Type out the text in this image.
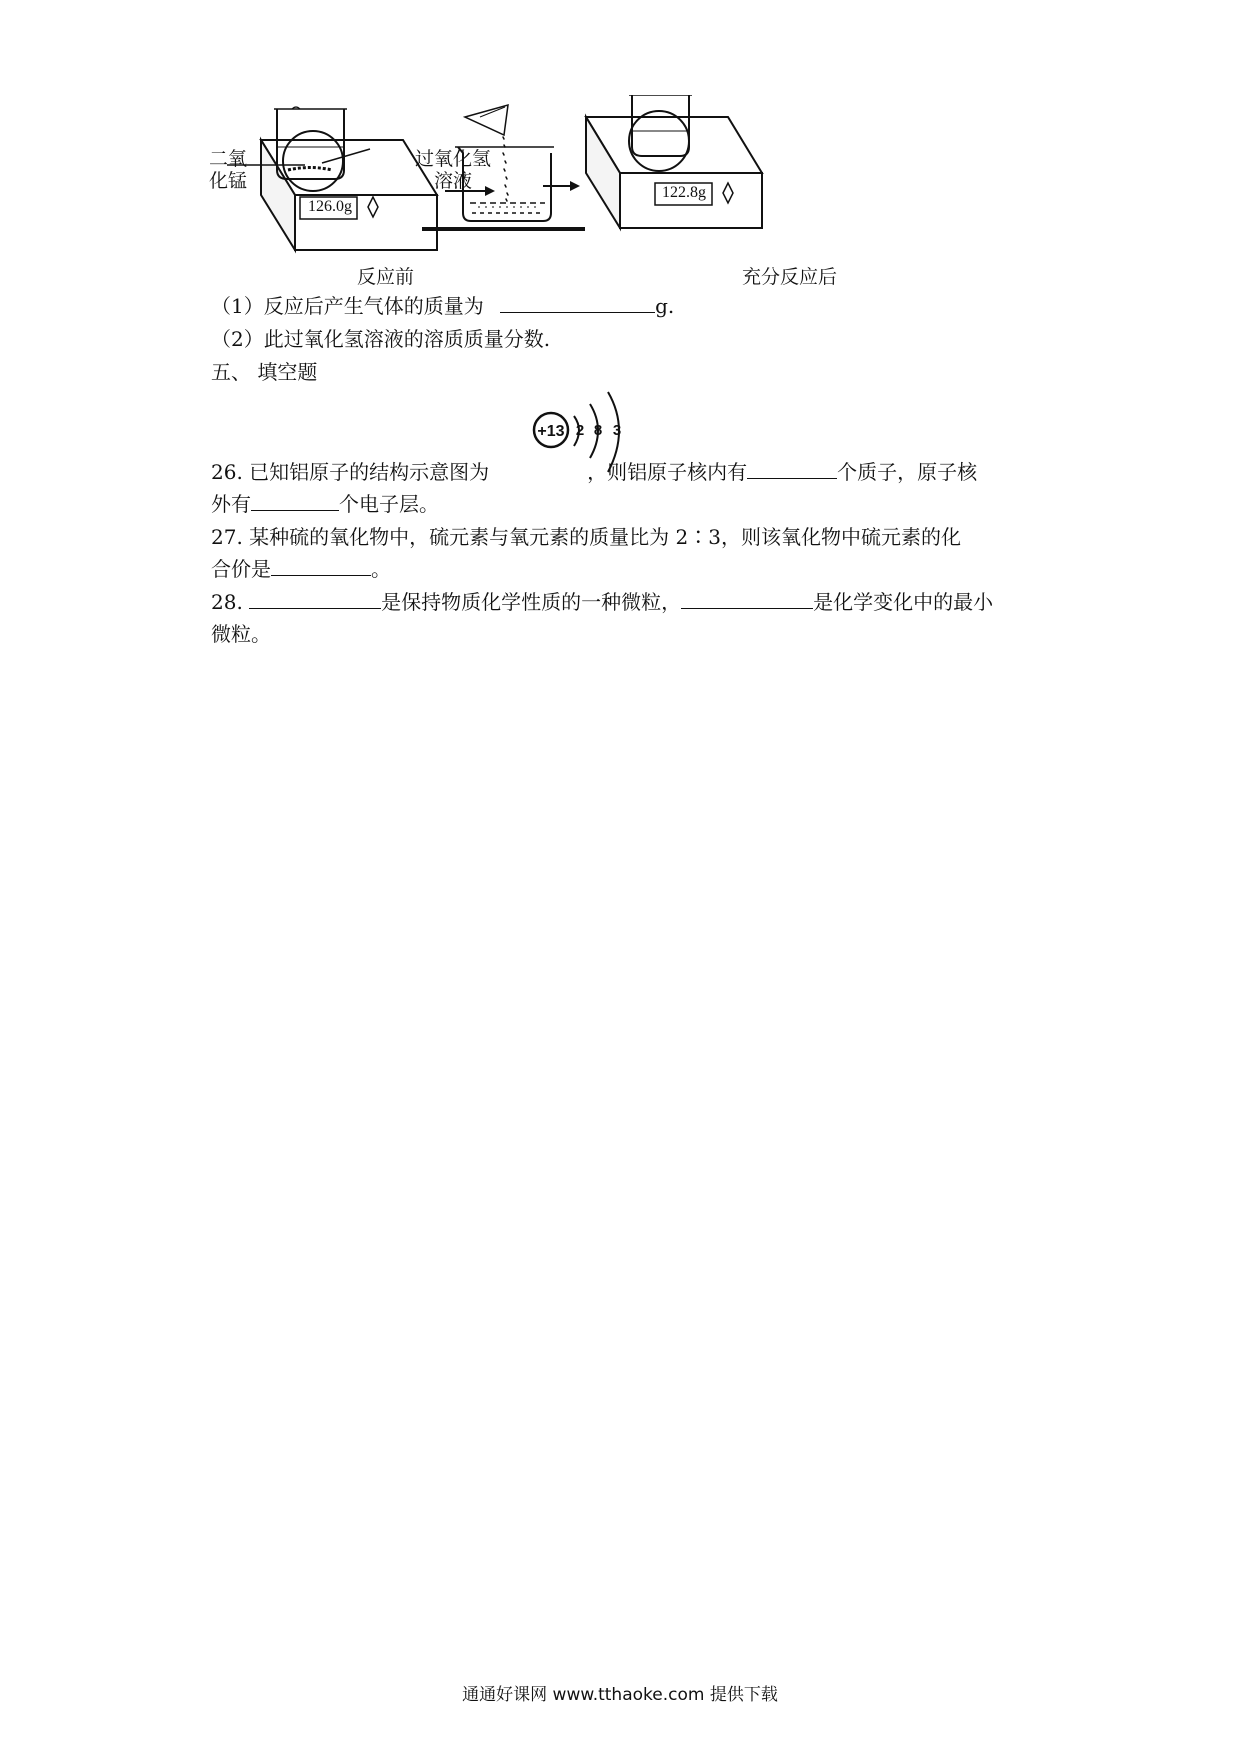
二氧
化锰
过氧化氢
溶液
126.0g
122.8g
反应前	充分反应后
（1）反应后产生气体的质量为	g.
（2）此过氧化氢溶液的溶质质量分数.
五、 填空题
+13 2 8 3
26. 已知铝原子的结构示意图为	，则铝原子核内有	个质子，原子核
外有	个电子层。
27. 某种硫的氧化物中，硫元素与氧元素的质量比为 2∶3，则该氧化物中硫元素的化
合价是	。
28.	是保持物质化学性质的一种微粒，	是化学变化中的最小
微粒。
通通好课网 www.tthaoke.com 提供下载
